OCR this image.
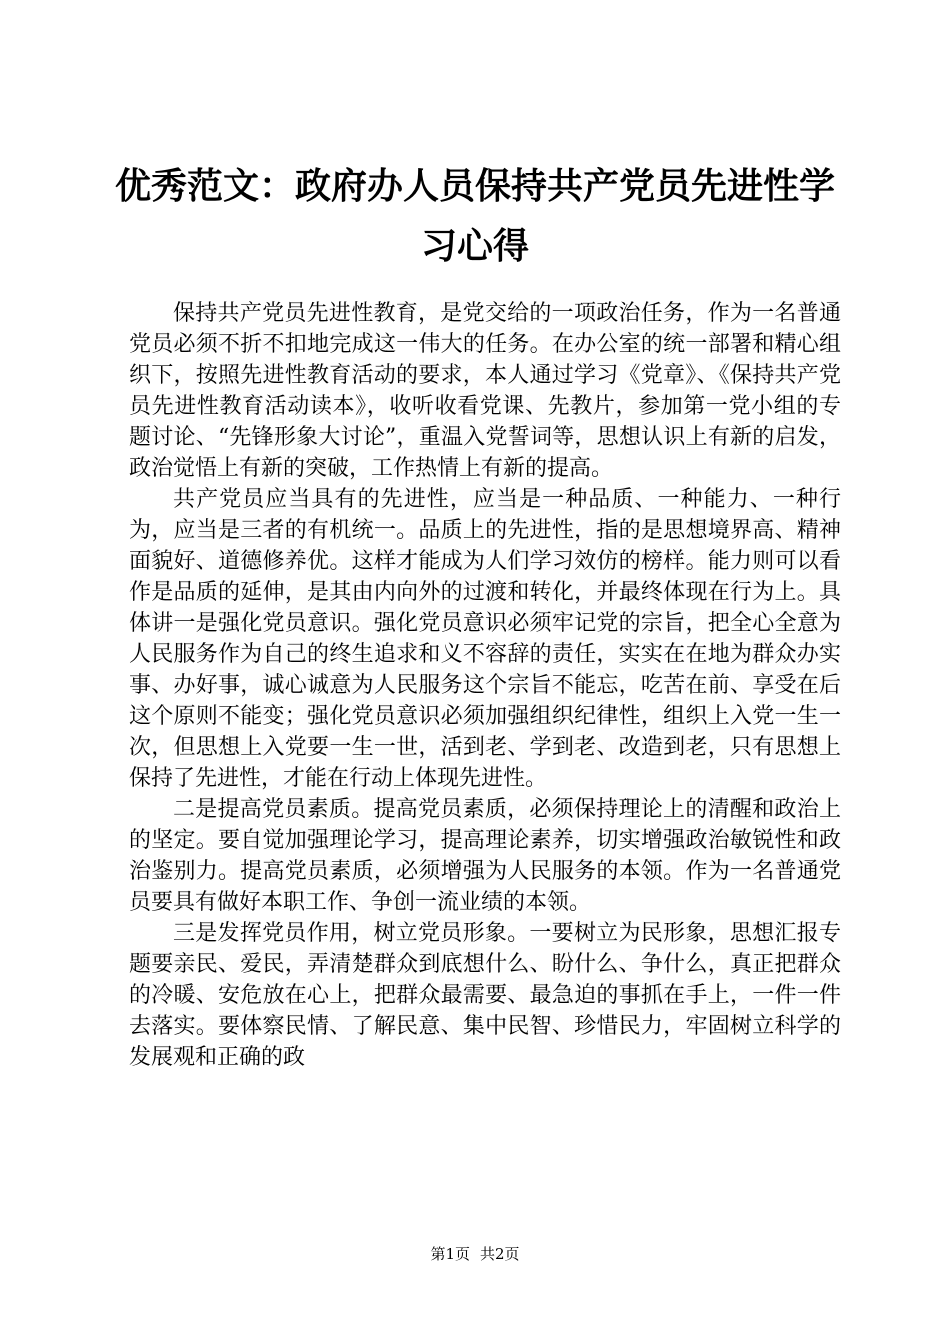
优秀范文：政府办人员保持共产党员先进性学习心得

保持共产党员先进性教育，是党交给的一项政治任务，作为一名普通党员必须不折不扣地完成这一伟大的任务。在办公室的统一部署和精心组织下，按照先进性教育活动的要求，本人通过学习《党章》、《保持共产党员先进性教育活动读本》，收听收看党课、先教片，参加第一党小组的专题讨论、“先锋形象大讨论”，重温入党誓词等，思想认识上有新的启发，政治觉悟上有新的突破，工作热情上有新的提高。

共产党员应当具有的先进性，应当是一种品质、一种能力、一种行为，应当是三者的有机统一。品质上的先进性，指的是思想境界高、精神面貌好、道德修养优。这样才能成为人们学习效仿的榜样。能力则可以看作是品质的延伸，是其由内向外的过渡和转化，并最终体现在行为上。具体讲一是强化党员意识。强化党员意识必须牢记党的宗旨，把全心全意为人民服务作为自己的终生追求和义不容辞的责任，实实在在地为群众办实事、办好事，诚心诚意为人民服务这个宗旨不能忘，吃苦在前、享受在后这个原则不能变；强化党员意识必须加强组织纪律性，组织上入党一生一次，但思想上入党要一生一世，活到老、学到老、改造到老，只有思想上保持了先进性，才能在行动上体现先进性。

二是提高党员素质。提高党员素质，必须保持理论上的清醒和政治上的坚定。要自觉加强理论学习，提高理论素养，切实增强政治敏锐性和政治鉴别力。提高党员素质，必须增强为人民服务的本领。作为一名普通党员要具有做好本职工作、争创一流业绩的本领。

三是发挥党员作用，树立党员形象。一要树立为民形象，思想汇报专题要亲民、爱民，弄清楚群众到底想什么、盼什么、争什么，真正把群众的冷暖、安危放在心上，把群众最需要、最急迫的事抓在手上，一件一件去落实。要体察民情、了解民意、集中民智、珍惜民力，牢固树立科学的发展观和正确的政

第1页 共2页
